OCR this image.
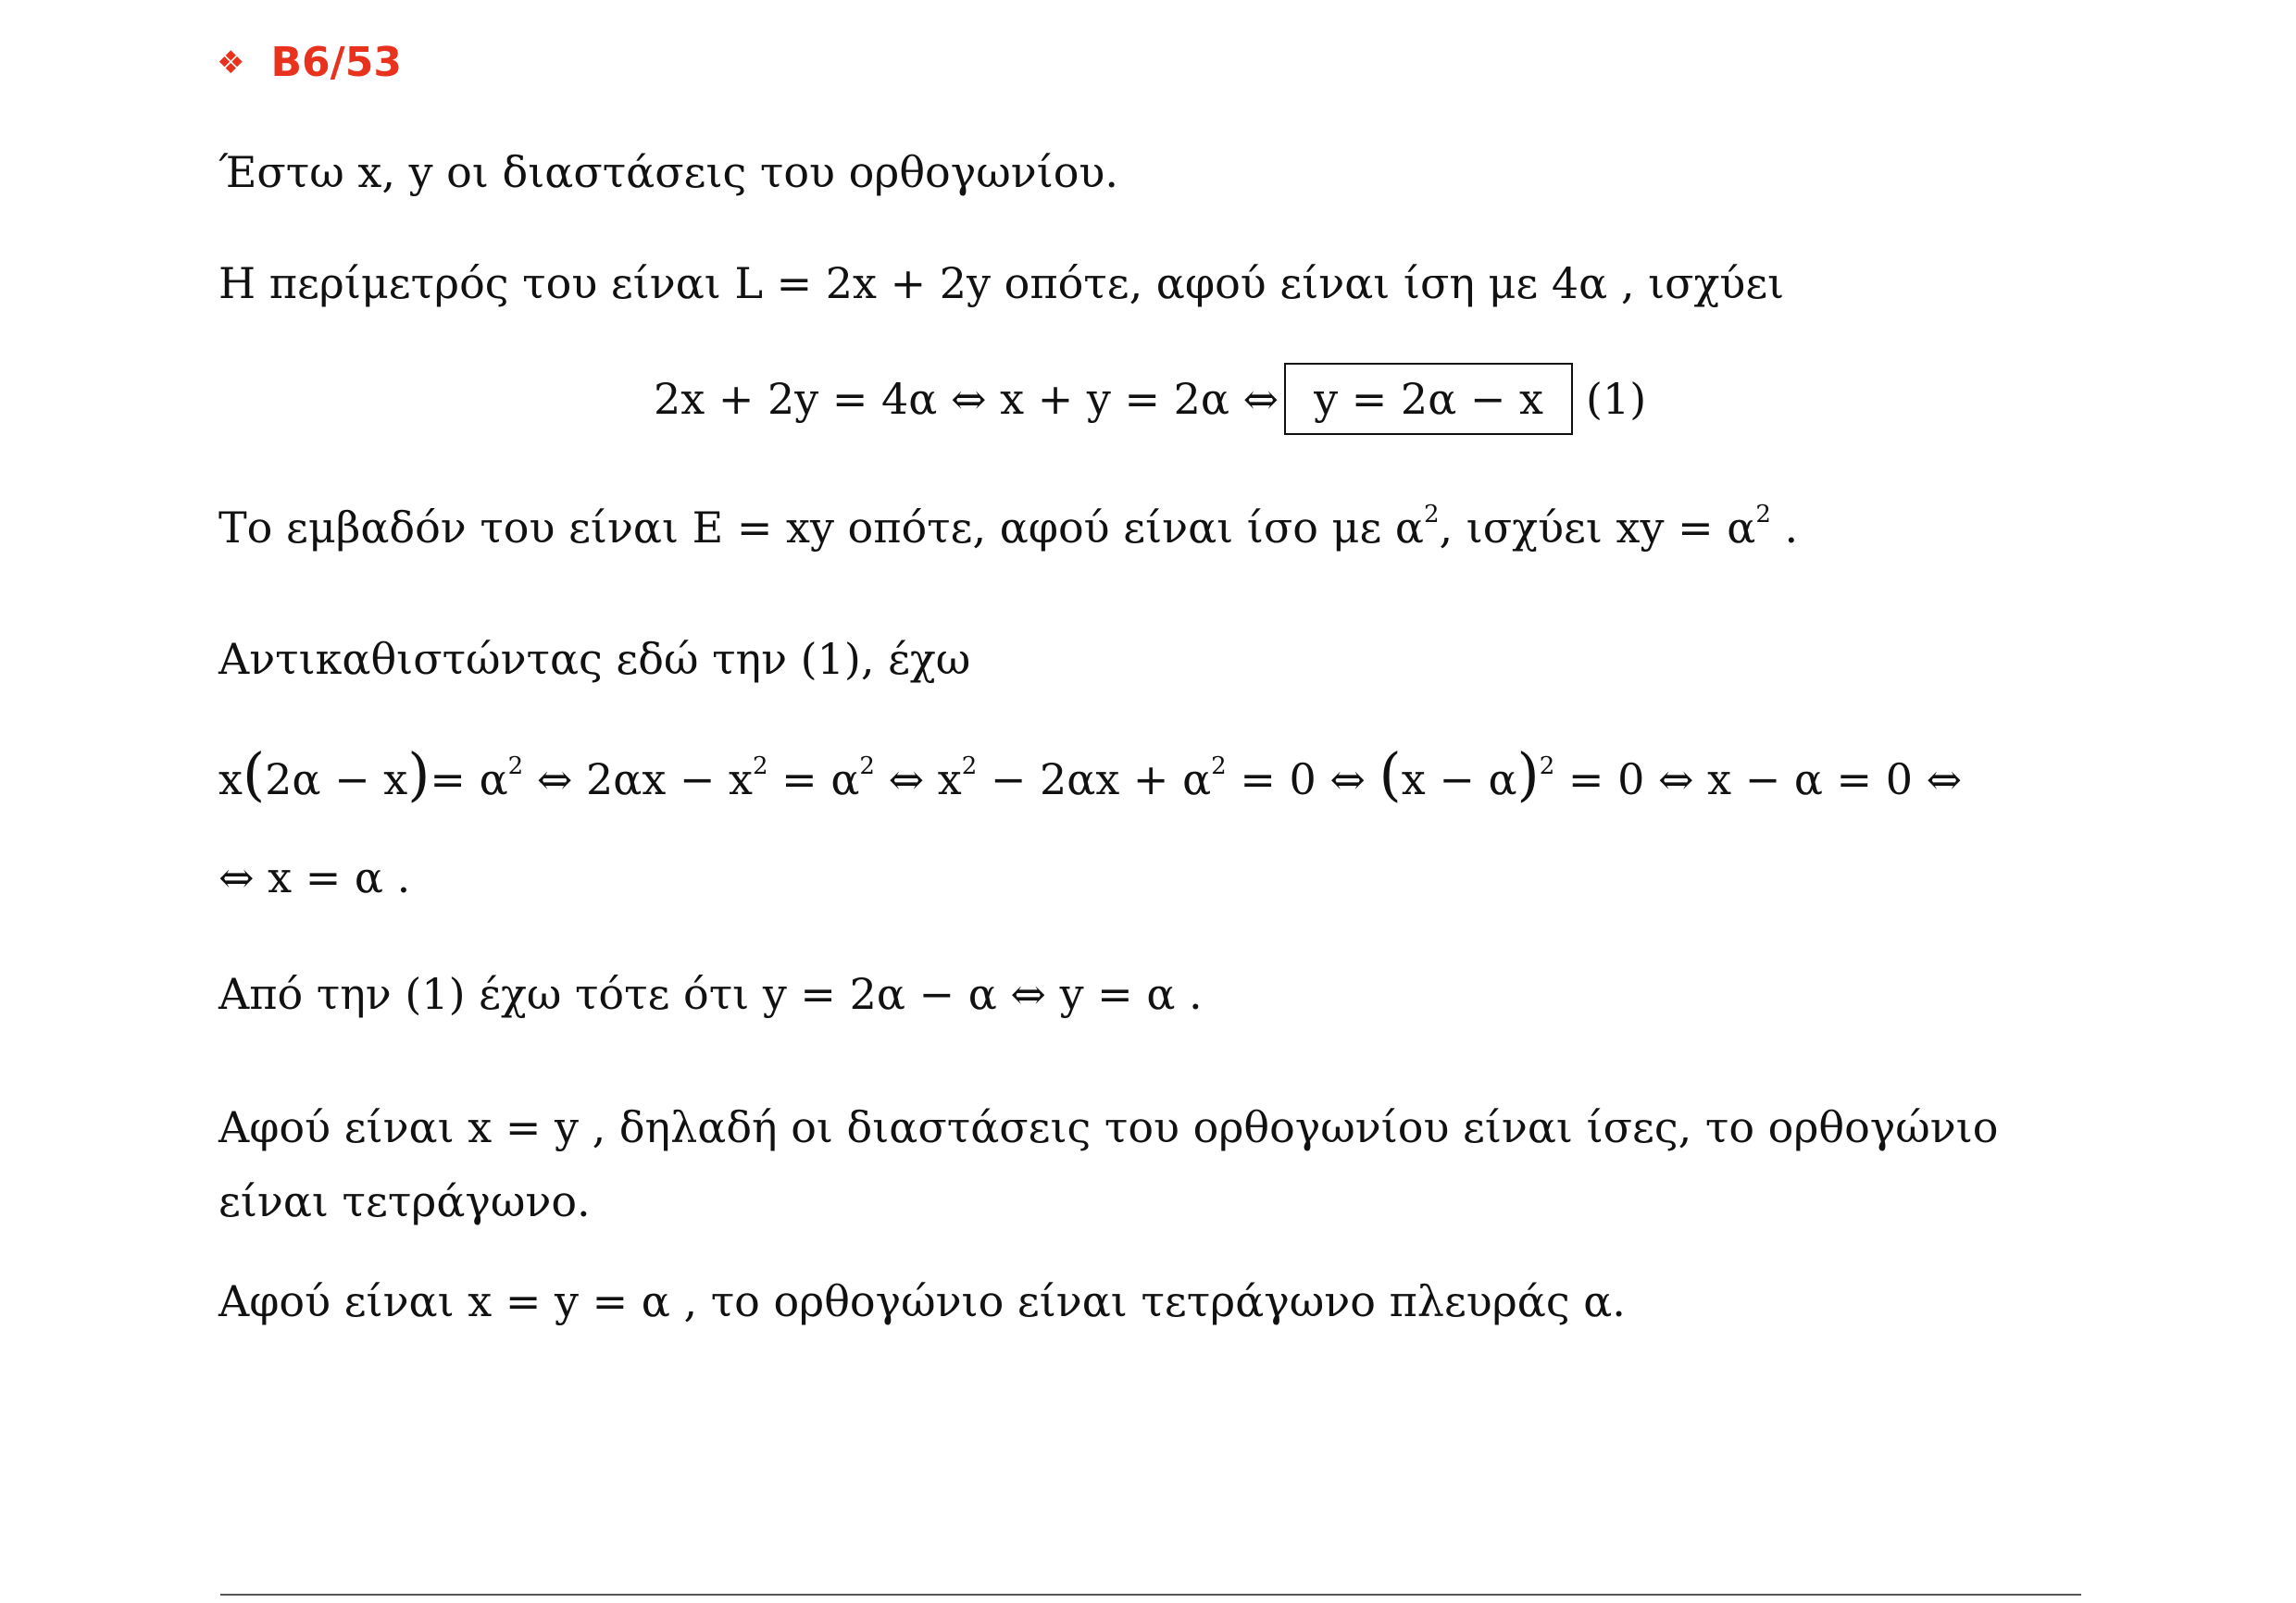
❖ B6/53
Έστω x, y οι διαστάσεις του ορθογωνίου.
Η περίμετρός του είναι L = 2x + 2y οπότε, αφού είναι ίση με 4α , ισχύει
2x + 2y = 4α ⇔ x + y = 2α ⇔ y = 2α − x	(1)
Το εμβαδόν του είναι E = xy οπότε, αφού είναι ίσο με $\alpha^2$, ισχύει xy = $\alpha^2$ .
Αντικαθιστώντας εδώ την (1), έχω
$x(2\alpha - x)= \alpha^2$ ⇔ $2\alpha x - x^2 = \alpha^2$ ⇔ $x^2 - 2\alpha x + \alpha^2 = 0$ ⇔ $(x - \alpha)^2 = 0$ ⇔ x − α = 0 ⇔
⇔ x = α .
Από την (1) έχω τότε ότι y = 2α − α ⇔ y = α .
Αφού είναι x = y , δηλαδή οι διαστάσεις του ορθογωνίου είναι ίσες, το ορθογώνιο είναι τετράγωνο.
Αφού είναι x = y = α , το ορθογώνιο είναι τετράγωνο πλευράς α.
